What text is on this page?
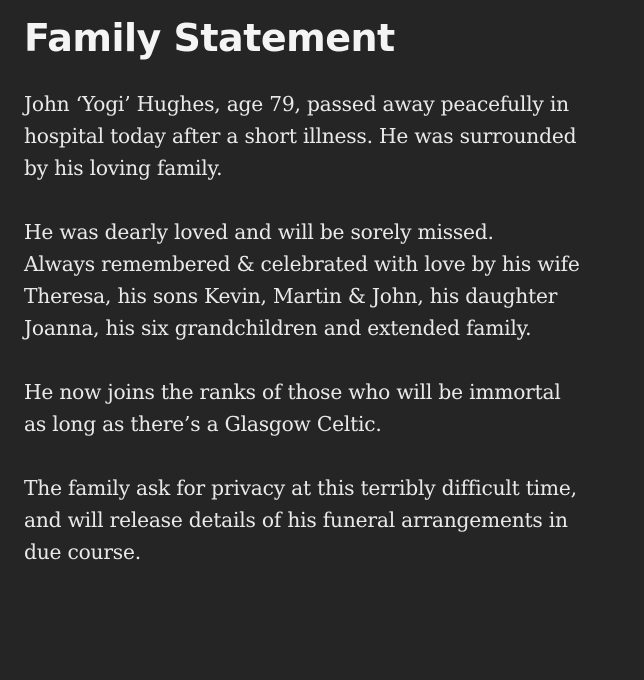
Family Statement

John ‘Yogi’ Hughes, age 79, passed away peacefully in
hospital today after a short illness. He was surrounded
by his loving family.

He was dearly loved and will be sorely missed.
Always remembered & celebrated with love by his wife
Theresa, his sons Kevin, Martin & John, his daughter
Joanna, his six grandchildren and extended family.

He now joins the ranks of those who will be immortal
as long as there’s a Glasgow Celtic.

The family ask for privacy at this terribly difficult time,
and will release details of his funeral arrangements in
due course.
